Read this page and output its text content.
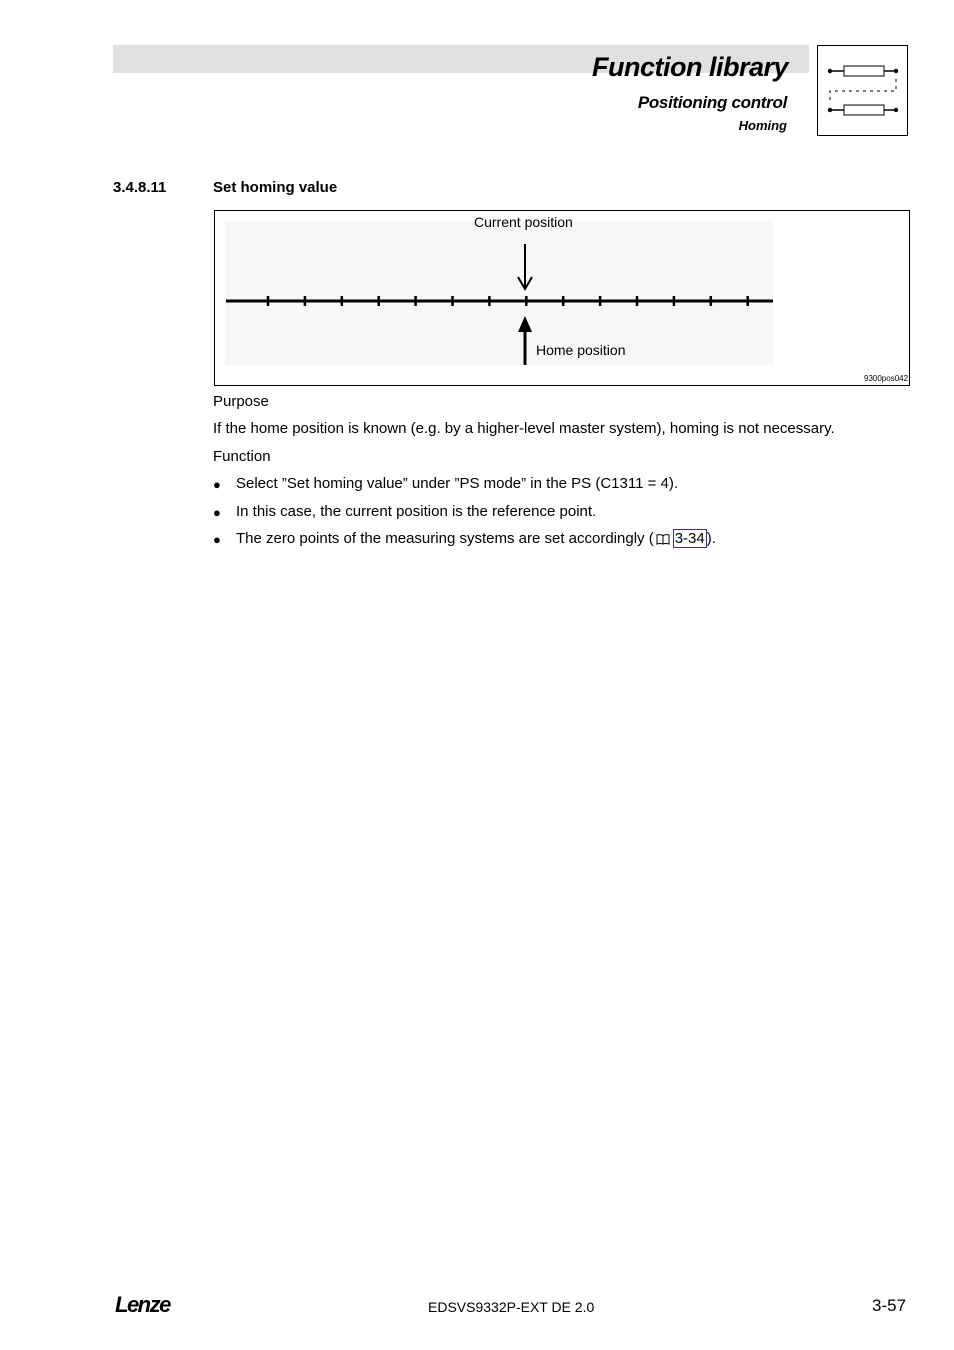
Function library
Positioning control
Homing
3.4.8.11	Set homing value
Current position
Home position
9300pos042
Purpose
If the home position is known (e.g. by a higher-level master system), homing is not necessary.
Function
● Select ”Set homing value” under ”PS mode” in the PS (C1311 = 4).
● In this case, the current position is the reference point.
● The zero points of the measuring systems are set accordingly ( 3-34 ).
Lenze	EDSVS9332P-EXT DE 2.0	3-57
